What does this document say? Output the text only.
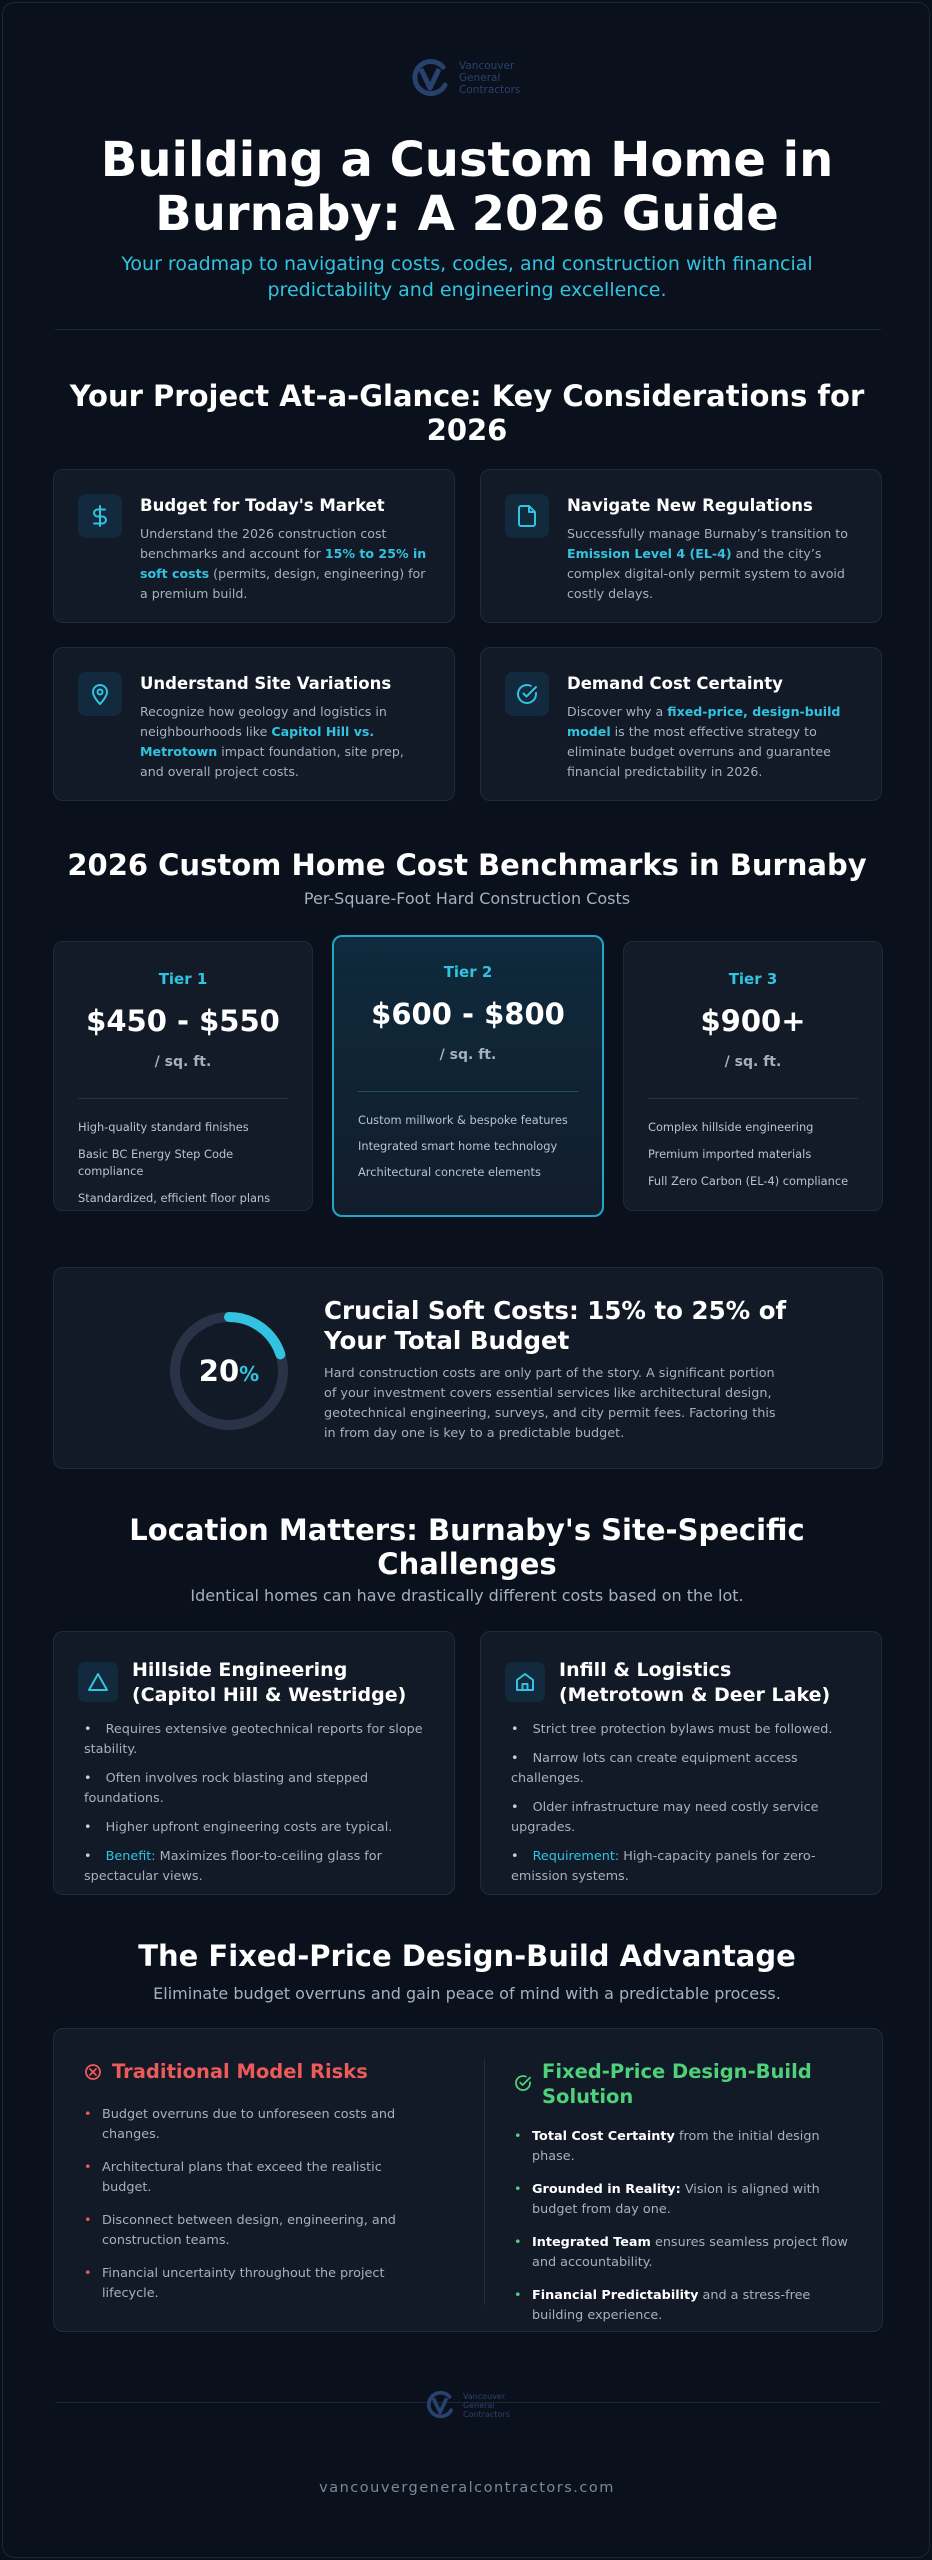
Vancouver
General
Contractors
Building a Custom Home in Burnaby: A 2026 Guide
Your roadmap to navigating costs, codes, and construction with financial predictability and engineering excellence.
Your Project At-a-Glance: Key Considerations for 2026
Budget for Today's Market
Understand the 2026 construction cost benchmarks and account for 15% to 25% in soft costs (permits, design, engineering) for a premium build.
Navigate New Regulations
Successfully manage Burnaby’s transition to Emission Level 4 (EL-4) and the city’s complex digital-only permit system to avoid costly delays.
Understand Site Variations
Recognize how geology and logistics in neighbourhoods like Capitol Hill vs. Metrotown impact foundation, site prep, and overall project costs.
Demand Cost Certainty
Discover why a fixed-price, design-build model is the most effective strategy to eliminate budget overruns and guarantee financial predictability in 2026.
2026 Custom Home Cost Benchmarks in Burnaby
Per-Square-Foot Hard Construction Costs
Tier 1
$450 - $550
/ sq. ft.
High-quality standard finishes
Basic BC Energy Step Code compliance
Standardized, efficient floor plans
Tier 2
$600 - $800
/ sq. ft.
Custom millwork & bespoke features
Integrated smart home technology
Architectural concrete elements
Tier 3
$900+
/ sq. ft.
Complex hillside engineering
Premium imported materials
Full Zero Carbon (EL-4) compliance
20%
Crucial Soft Costs: 15% to 25% of Your Total Budget
Hard construction costs are only part of the story. A significant portion of your investment covers essential services like architectural design, geotechnical engineering, surveys, and city permit fees. Factoring this in from day one is key to a predictable budget.
Location Matters: Burnaby's Site-Specific Challenges
Identical homes can have drastically different costs based on the lot.
Hillside Engineering (Capitol Hill & Westridge)
• Requires extensive geotechnical reports for slope stability.
• Often involves rock blasting and stepped foundations.
• Higher upfront engineering costs are typical.
• Benefit: Maximizes floor-to-ceiling glass for spectacular views.
Infill & Logistics (Metrotown & Deer Lake)
• Strict tree protection bylaws must be followed.
• Narrow lots can create equipment access challenges.
• Older infrastructure may need costly service upgrades.
• Requirement: High-capacity panels for zero-emission systems.
The Fixed-Price Design-Build Advantage
Eliminate budget overruns and gain peace of mind with a predictable process.
Traditional Model Risks
• Budget overruns due to unforeseen costs and changes.
• Architectural plans that exceed the realistic budget.
• Disconnect between design, engineering, and construction teams.
• Financial uncertainty throughout the project lifecycle.
Fixed-Price Design-Build Solution
• Total Cost Certainty from the initial design phase.
• Grounded in Reality: Vision is aligned with budget from day one.
• Integrated Team ensures seamless project flow and accountability.
• Financial Predictability and a stress-free building experience.
Vancouver
General
Contractors
vancouvergeneralcontractors.com
